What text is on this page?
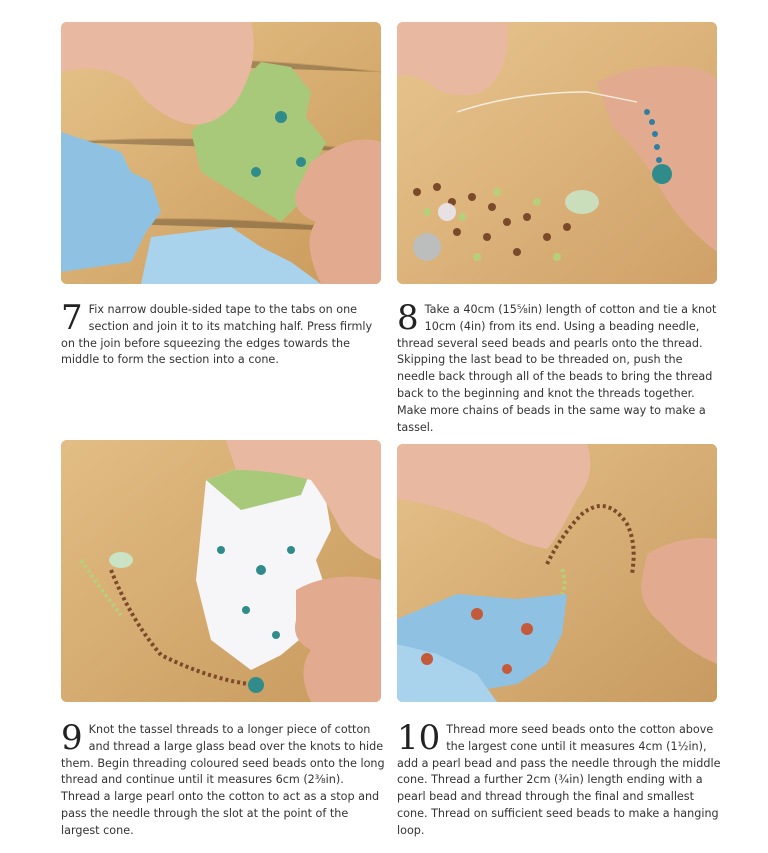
7 Fix narrow double-sided tape to the tabs on one section and join it to its matching half. Press firmly on the join before squeezing the edges towards the middle to form the section into a cone.
8 Take a 40cm (15⅝in) length of cotton and tie a knot 10cm (4in) from its end. Using a beading needle, thread several seed beads and pearls onto the thread. Skipping the last bead to be threaded on, push the needle back through all of the beads to bring the thread back to the beginning and knot the threads together. Make more chains of beads in the same way to make a tassel.
9 Knot the tassel threads to a longer piece of cotton and thread a large glass bead over the knots to hide them. Begin threading coloured seed beads onto the long thread and continue until it measures 6cm (2⅜in). Thread a large pearl onto the cotton to act as a stop and pass the needle through the slot at the point of the largest cone.
10 Thread more seed beads onto the cotton above the largest cone until it measures 4cm (1½in), add a pearl bead and pass the needle through the middle cone. Thread a further 2cm (¾in) length ending with a pearl bead and thread through the final and smallest cone. Thread on sufficient seed beads to make a hanging loop.
